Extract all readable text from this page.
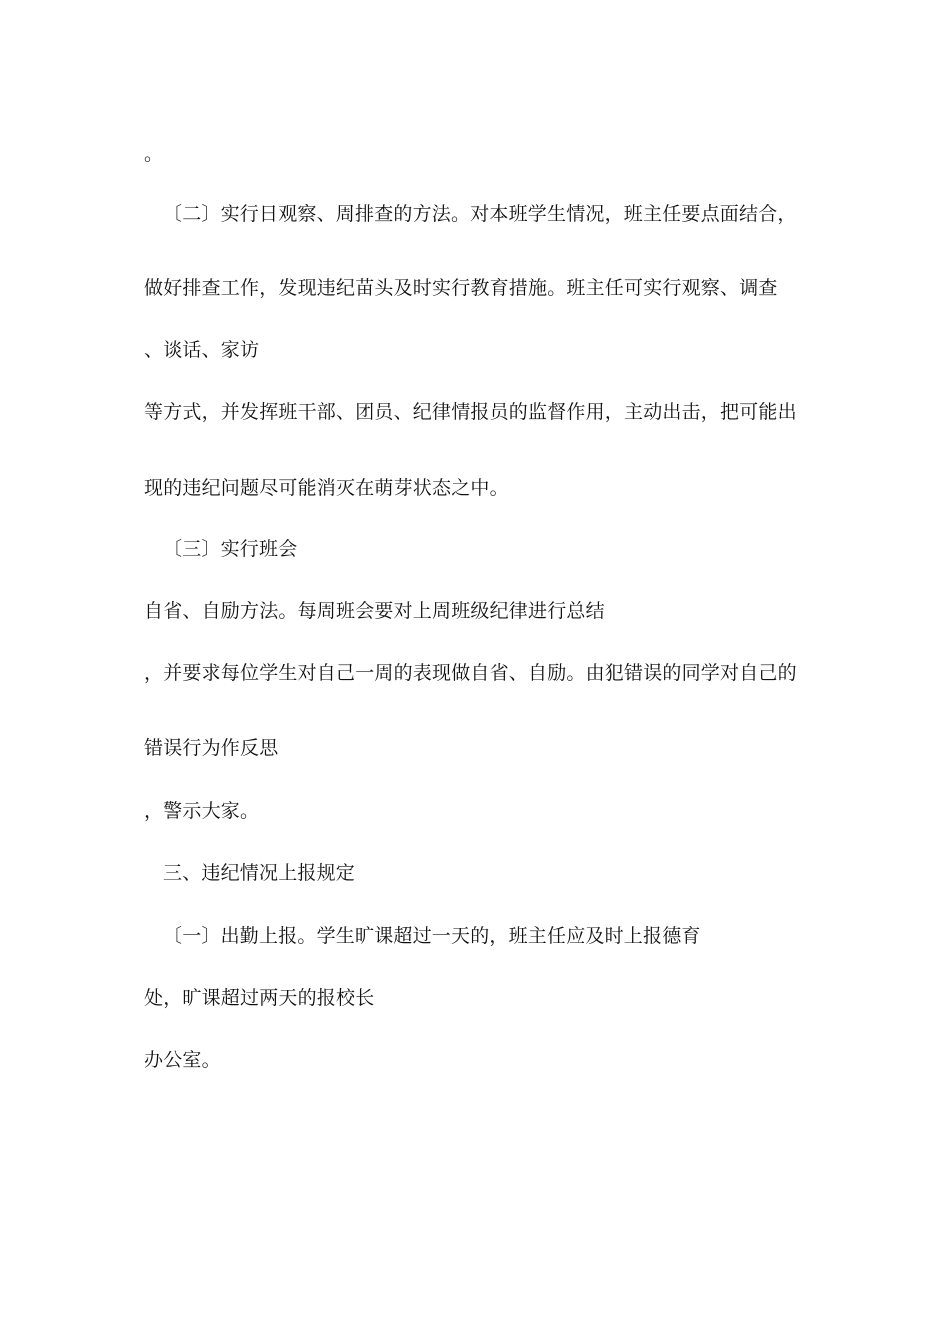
。
〔二〕实行日观察、周排查的方法。对本班学生情况，班主任要点面结合，
做好排查工作，发现违纪苗头及时实行教育措施。班主任可实行观察、调查
、谈话、家访
等方式，并发挥班干部、团员、纪律情报员的监督作用，主动出击，把可能出
现的违纪问题尽可能消灭在萌芽状态之中。
〔三〕实行班会
自省、自励方法。每周班会要对上周班级纪律进行总结
，并要求每位学生对自己一周的表现做自省、自励。由犯错误的同学对自己的
错误行为作反思
，警示大家。
三、违纪情况上报规定
〔一〕出勤上报。学生旷课超过一天的，班主任应及时上报德育
处，旷课超过两天的报校长
办公室。
